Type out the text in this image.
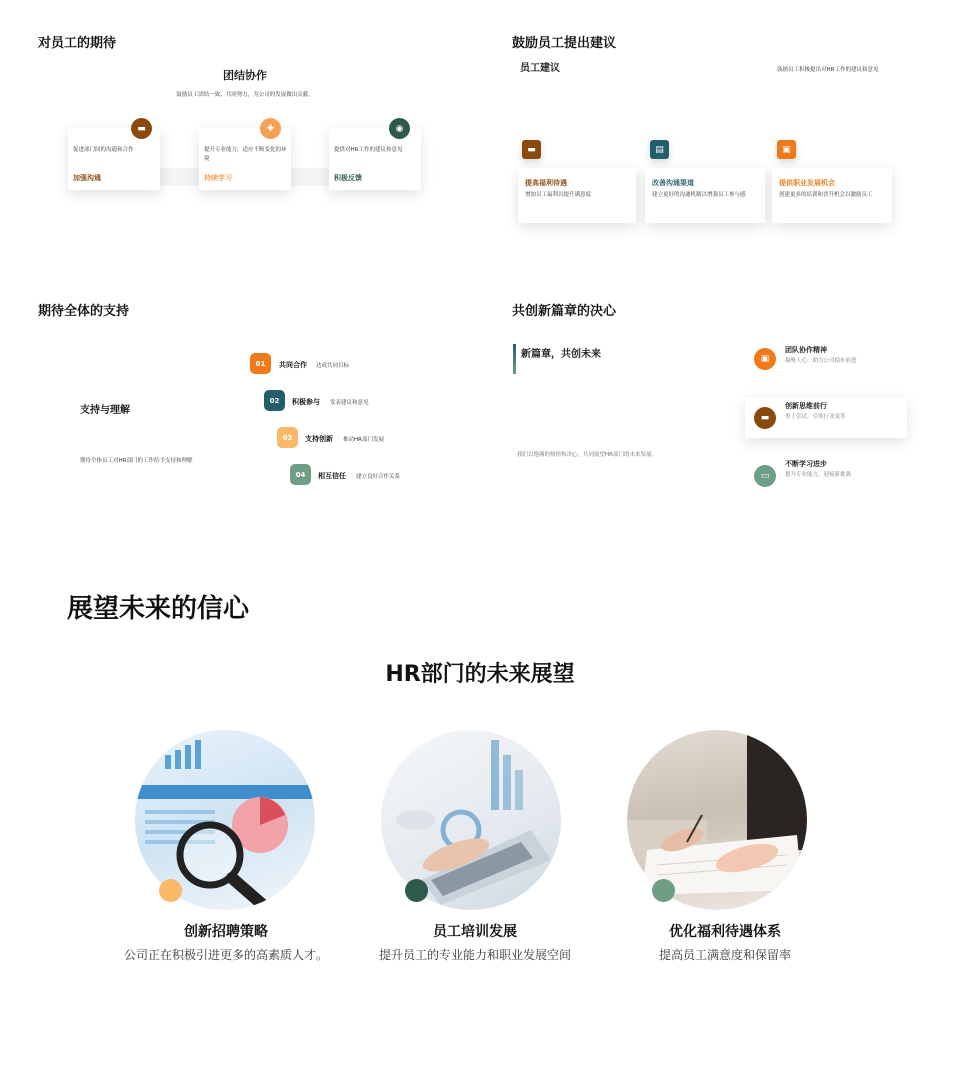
对员工的期待
团结协作
鼓励员工团结一致、共同努力，为公司的发展做出贡献。
促进部门间的沟通和合作
加强沟通
▬
提升专业能力，适应不断变化的环境
持续学习
✚
提供对HR工作的建议和意见
积极反馈
◉
鼓励员工提出建议
员工建议	鼓励员工积极提出对HR工作的建议和意见
提高福利待遇
增加员工福利以提升满意度
▬
改善沟通渠道
建立更好的沟通机制以增强员工参与感
▤
提供职业发展机会
创建更多的培训和晋升机会以激励员工
▣
期待全体的支持
支持与理解
期待全体员工对HR部门的工作给予支持和理解
01	共同合作 达成共同目标
02	积极参与 发表建议和意见
03	支持创新 推动HR部门发展
04	相互信任 建立良好合作关系
共创新篇章的决心
新篇章，共创未来
我们以饱满的热情和决心，共同展望HR部门的未来发展。
▣
团队协作精神
凝聚人心，助力公司稳步前进
▬
创新思维前行
勇于尝试，引领行业变革
▭
不断学习进步
提升专业能力，迎接新挑战
展望未来的信心
HR部门的未来展望
创新招聘策略
公司正在积极引进更多的高素质人才。
员工培训发展
提升员工的专业能力和职业发展空间
优化福利待遇体系
提高员工满意度和保留率
